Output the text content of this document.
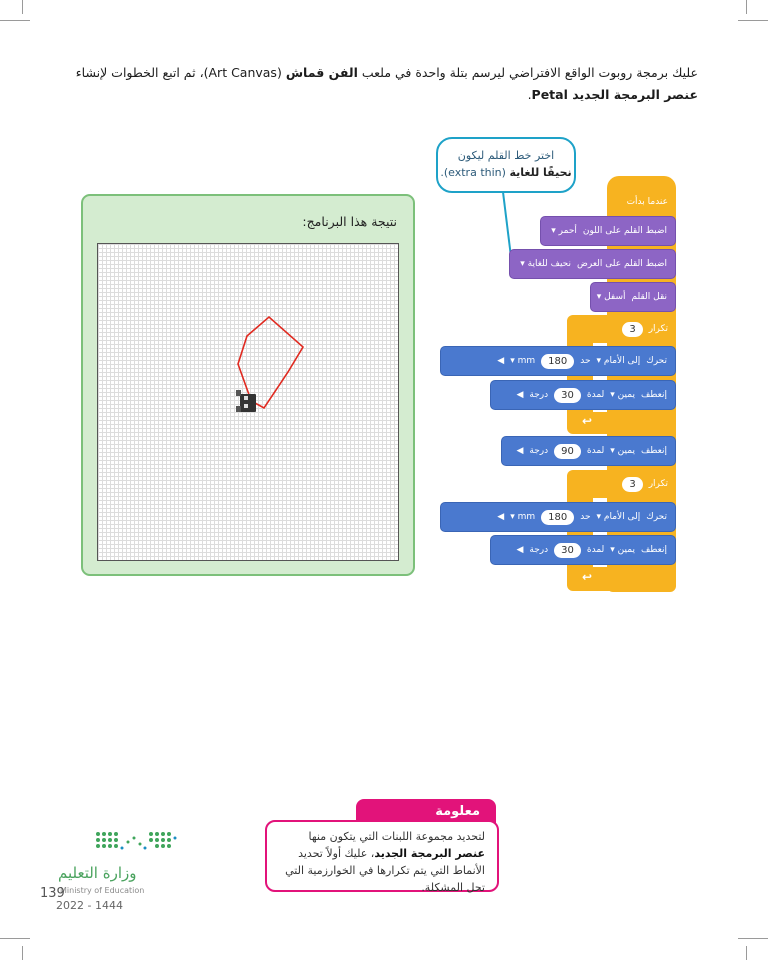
عليك برمجة روبوت الواقع الافتراضي ليرسم بتلة واحدة في ملعب الفن قماش (Art Canvas)، ثم اتبع الخطوات لإنشاء عنصر البرمجة الجديد Petal.
نتيجة هذا البرنامج:
اختر خط القلم ليكون
نحيفًا للغاية (extra thin).
عندما بدأت
اضبط القلم على اللون
أحمر ▾
اضبط القلم على العرض
نحيف للغاية ▾
نقل القلم
أسفل ▾
تكرار
3
تحرك
إلى الأمام ▾
حد
180
mm ▾
◀
إنعطف
يمين ▾
لمدة
30
درجة
◀
↩
إنعطف
يمين ▾
لمدة
90
درجة
◀
تكرار
3
تحرك
إلى الأمام ▾
حد
180
mm ▾
◀
إنعطف
يمين ▾
لمدة
30
درجة
◀
↩
معلومة
لتحديد مجموعة اللبنات التي يتكون منها عنصر البرمجة الجديد، عليك أولاً تحديد الأنماط التي يتم تكرارها في الخوارزمية التي تحل المشكلة.
وزارة التعليم
Ministry of Education
139
2022 - 1444
